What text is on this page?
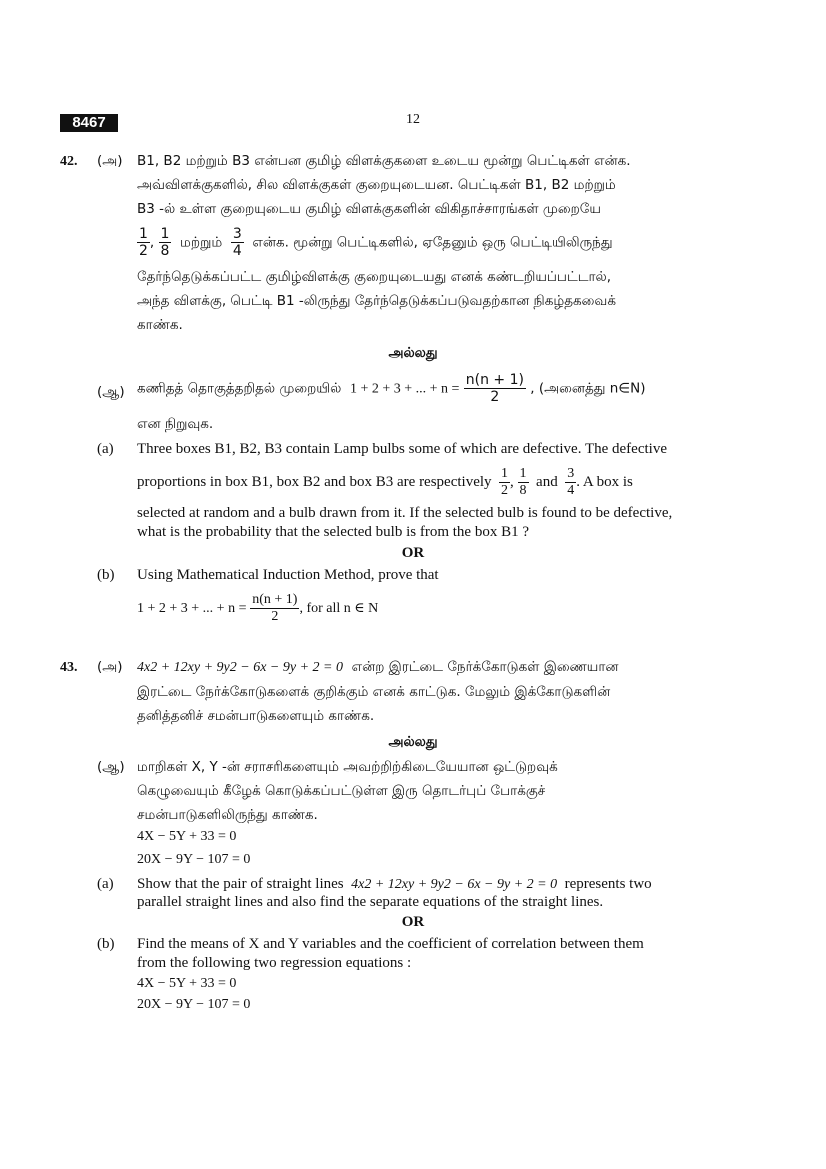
8467	12
42. (அ) B1, B2 மற்றும் B3 என்பன குமிழ் விளக்குகளை உடைய மூன்று பெட்டிகள் என்க.
அவ்விளக்குகளில், சில விளக்குகள் குறையுடையன. பெட்டிகள் B1, B2 மற்றும்
B3 -ல் உள்ள குறையுடைய குமிழ் விளக்குகளின் விகிதாச்சாரங்கள் முறையே
$\frac{1}{2}$ , $\frac{1}{8}$ மற்றும் $\frac{3}{4}$ என்க. மூன்று பெட்டிகளில், ஏதேனும் ஒரு பெட்டியிலிருந்து
தேர்ந்தெடுக்கப்பட்ட குமிழ்விளக்கு குறையுடையது எனக் கண்டறியப்பட்டால்,
அந்த விளக்கு, பெட்டி B1 -லிருந்து தேர்ந்தெடுக்கப்படுவதற்கான நிகழ்தகவைக்
காண்க.
அல்லது
(ஆ) கணிதத் தொகுத்தறிதல் முறையில் 1 + 2 + 3 + ... + $n = \frac{n(n + 1)}{2}$ , (அனைத்து n∈N)
என நிறுவுக.
(a) Three boxes B1, B2, B3 contain Lamp bulbs some of which are defective. The defective
proportions in box B1, box B2 and box B3 are respectively $\frac{1}{2}$ , $\frac{1}{8}$ and $\frac{3}{4}$ . A box is
selected at random and a bulb drawn from it. If the selected bulb is found to be defective,
what is the probability that the selected bulb is from the box B1 ?
OR
(b) Using Mathematical Induction Method, prove that
1 + 2 + 3 + ... + $n = \frac{n(n + 1)}{2}$ , for all n ∈ N
43. (அ) 4x2 + 12xy + 9y2 − 6x − 9y + 2 = 0 என்ற இரட்டை நேர்க்கோடுகள் இணையான
இரட்டை நேர்க்கோடுகளைக் குறிக்கும் எனக் காட்டுக. மேலும் இக்கோடுகளின்
தனித்தனிச் சமன்பாடுகளையும் காண்க.
அல்லது
(ஆ) மாறிகள் X, Y -ன் சராசரிகளையும் அவற்றிற்கிடையேயான ஒட்டுறவுக்
கெழுவையும் கீழேக் கொடுக்கப்பட்டுள்ள இரு தொடர்புப் போக்குச்
சமன்பாடுகளிலிருந்து காண்க.
4X − 5Y + 33 = 0
20X − 9Y − 107 = 0
(a) Show that the pair of straight lines 4x2 + 12xy + 9y2 − 6x − 9y + 2 = 0 represents two
parallel straight lines and also find the separate equations of the straight lines.
OR
(b) Find the means of X and Y variables and the coefficient of correlation between them
from the following two regression equations :
4X − 5Y + 33 = 0
20X − 9Y − 107 = 0
